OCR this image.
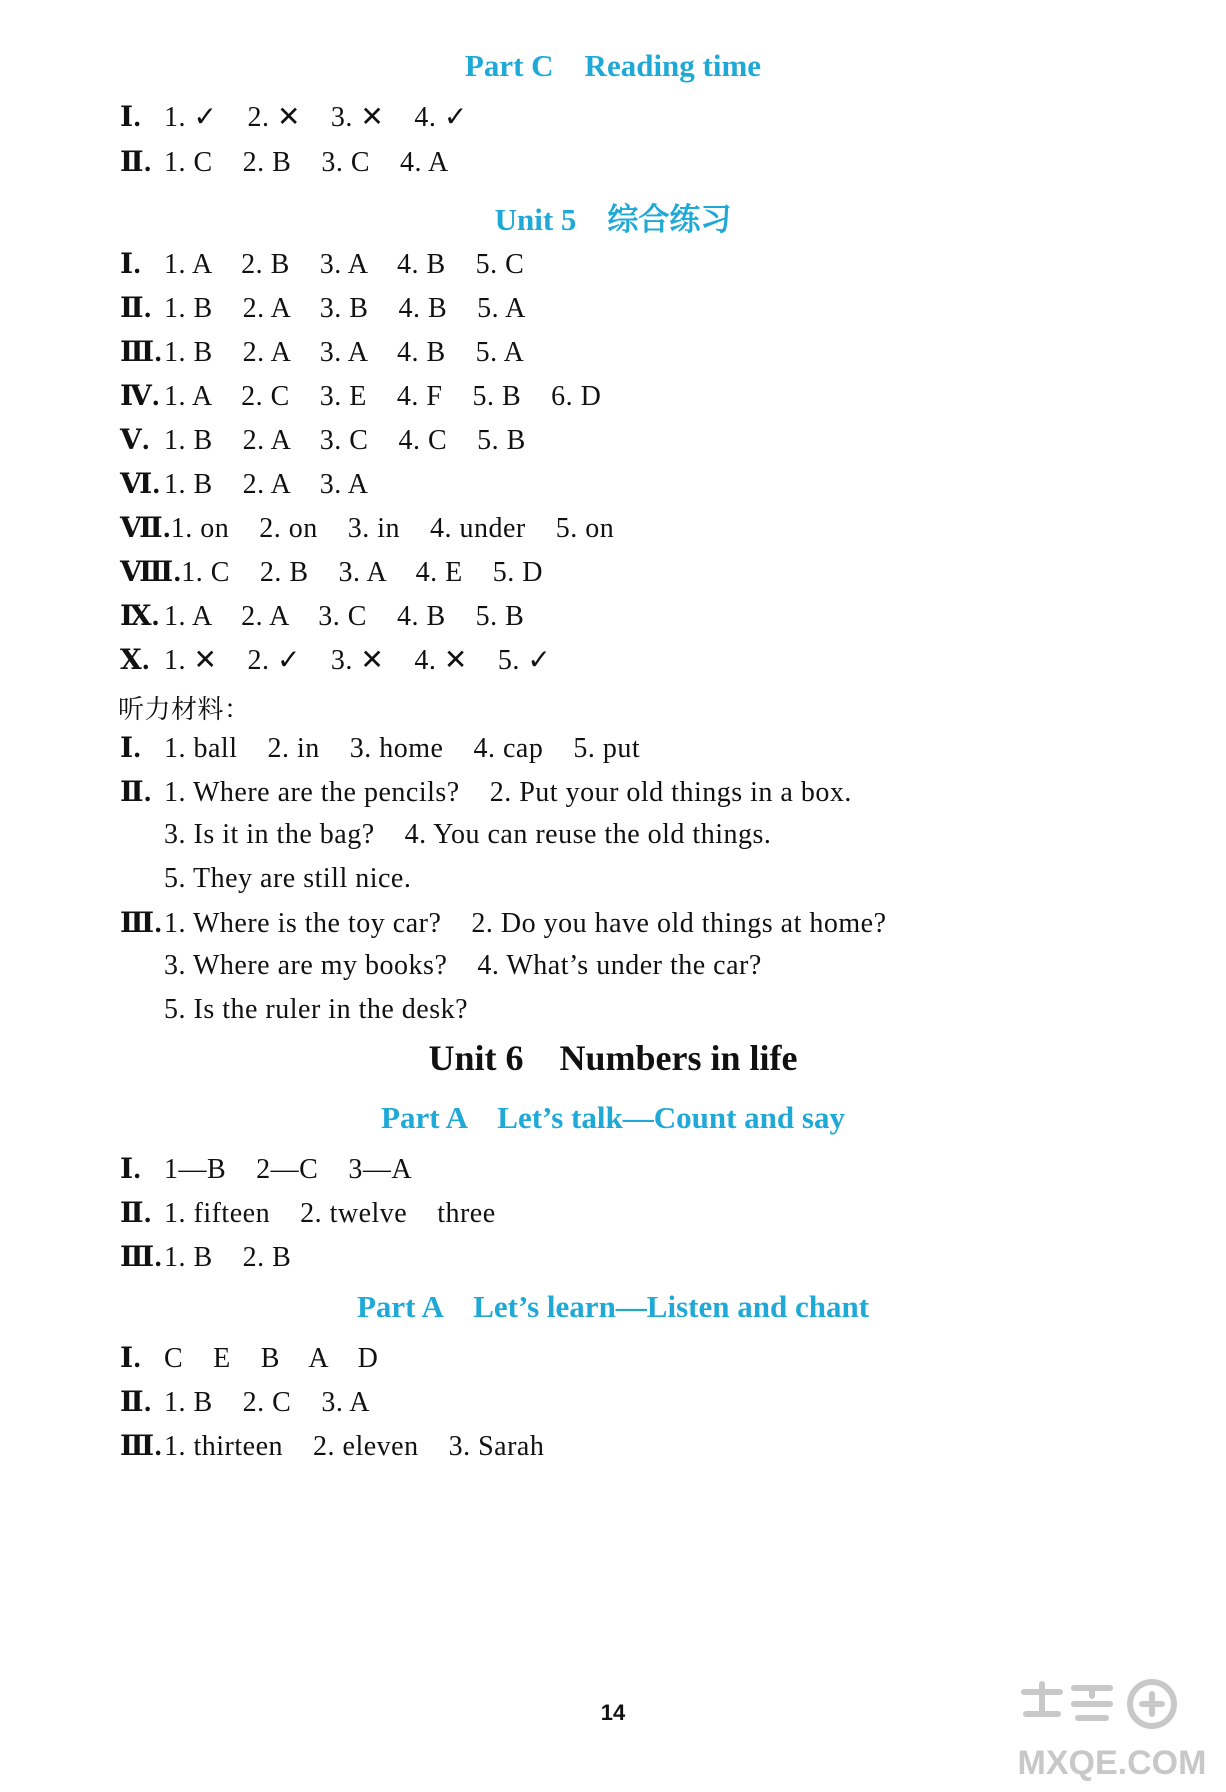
Part C    Reading time
Ⅰ. 1. ✓    2. ✕    3. ✕    4. ✓
Ⅱ. 1. C    2. B    3. C    4. A
Unit 5    综合练习
Ⅰ. 1. A    2. B    3. A    4. B    5. C
Ⅱ. 1. B    2. A    3. B    4. B    5. A
Ⅲ.1. B    2. A    3. A    4. B    5. A
Ⅳ. 1. A    2. C    3. E    4. F    5. B    6. D
Ⅴ. 1. B    2. A    3. C    4. C    5. B
Ⅵ. 1. B    2. A    3. A
Ⅶ.1. on    2. on    3. in    4. under    5. on
Ⅷ.1. C    2. B    3. A    4. E    5. D
Ⅸ. 1. A    2. A    3. C    4. B    5. B
Ⅹ. 1. ✕    2. ✓    3. ✕    4. ✕    5. ✓
听力材料：
Ⅰ. 1. ball    2. in    3. home    4. cap    5. put
Ⅱ. 1. Where are the pencils?    2. Put your old things in a box.
3. Is it in the bag?    4. You can reuse the old things.
5. They are still nice.
Ⅲ.1. Where is the toy car?    2. Do you have old things at home?
3. Where are my books?    4. What’s under the car?
5. Is the ruler in the desk?
Unit 6    Numbers in life
Part A    Let’s talk—Count and say
Ⅰ. 1—B    2—C    3—A
Ⅱ. 1. fifteen    2. twelve    three
Ⅲ.1. B    2. B
Part A    Let’s learn—Listen and chant
Ⅰ. C    E    B    A    D
Ⅱ. 1. B    2. C    3. A
Ⅲ.1. thirteen    2. eleven    3. Sarah
14
MXQE.COM
